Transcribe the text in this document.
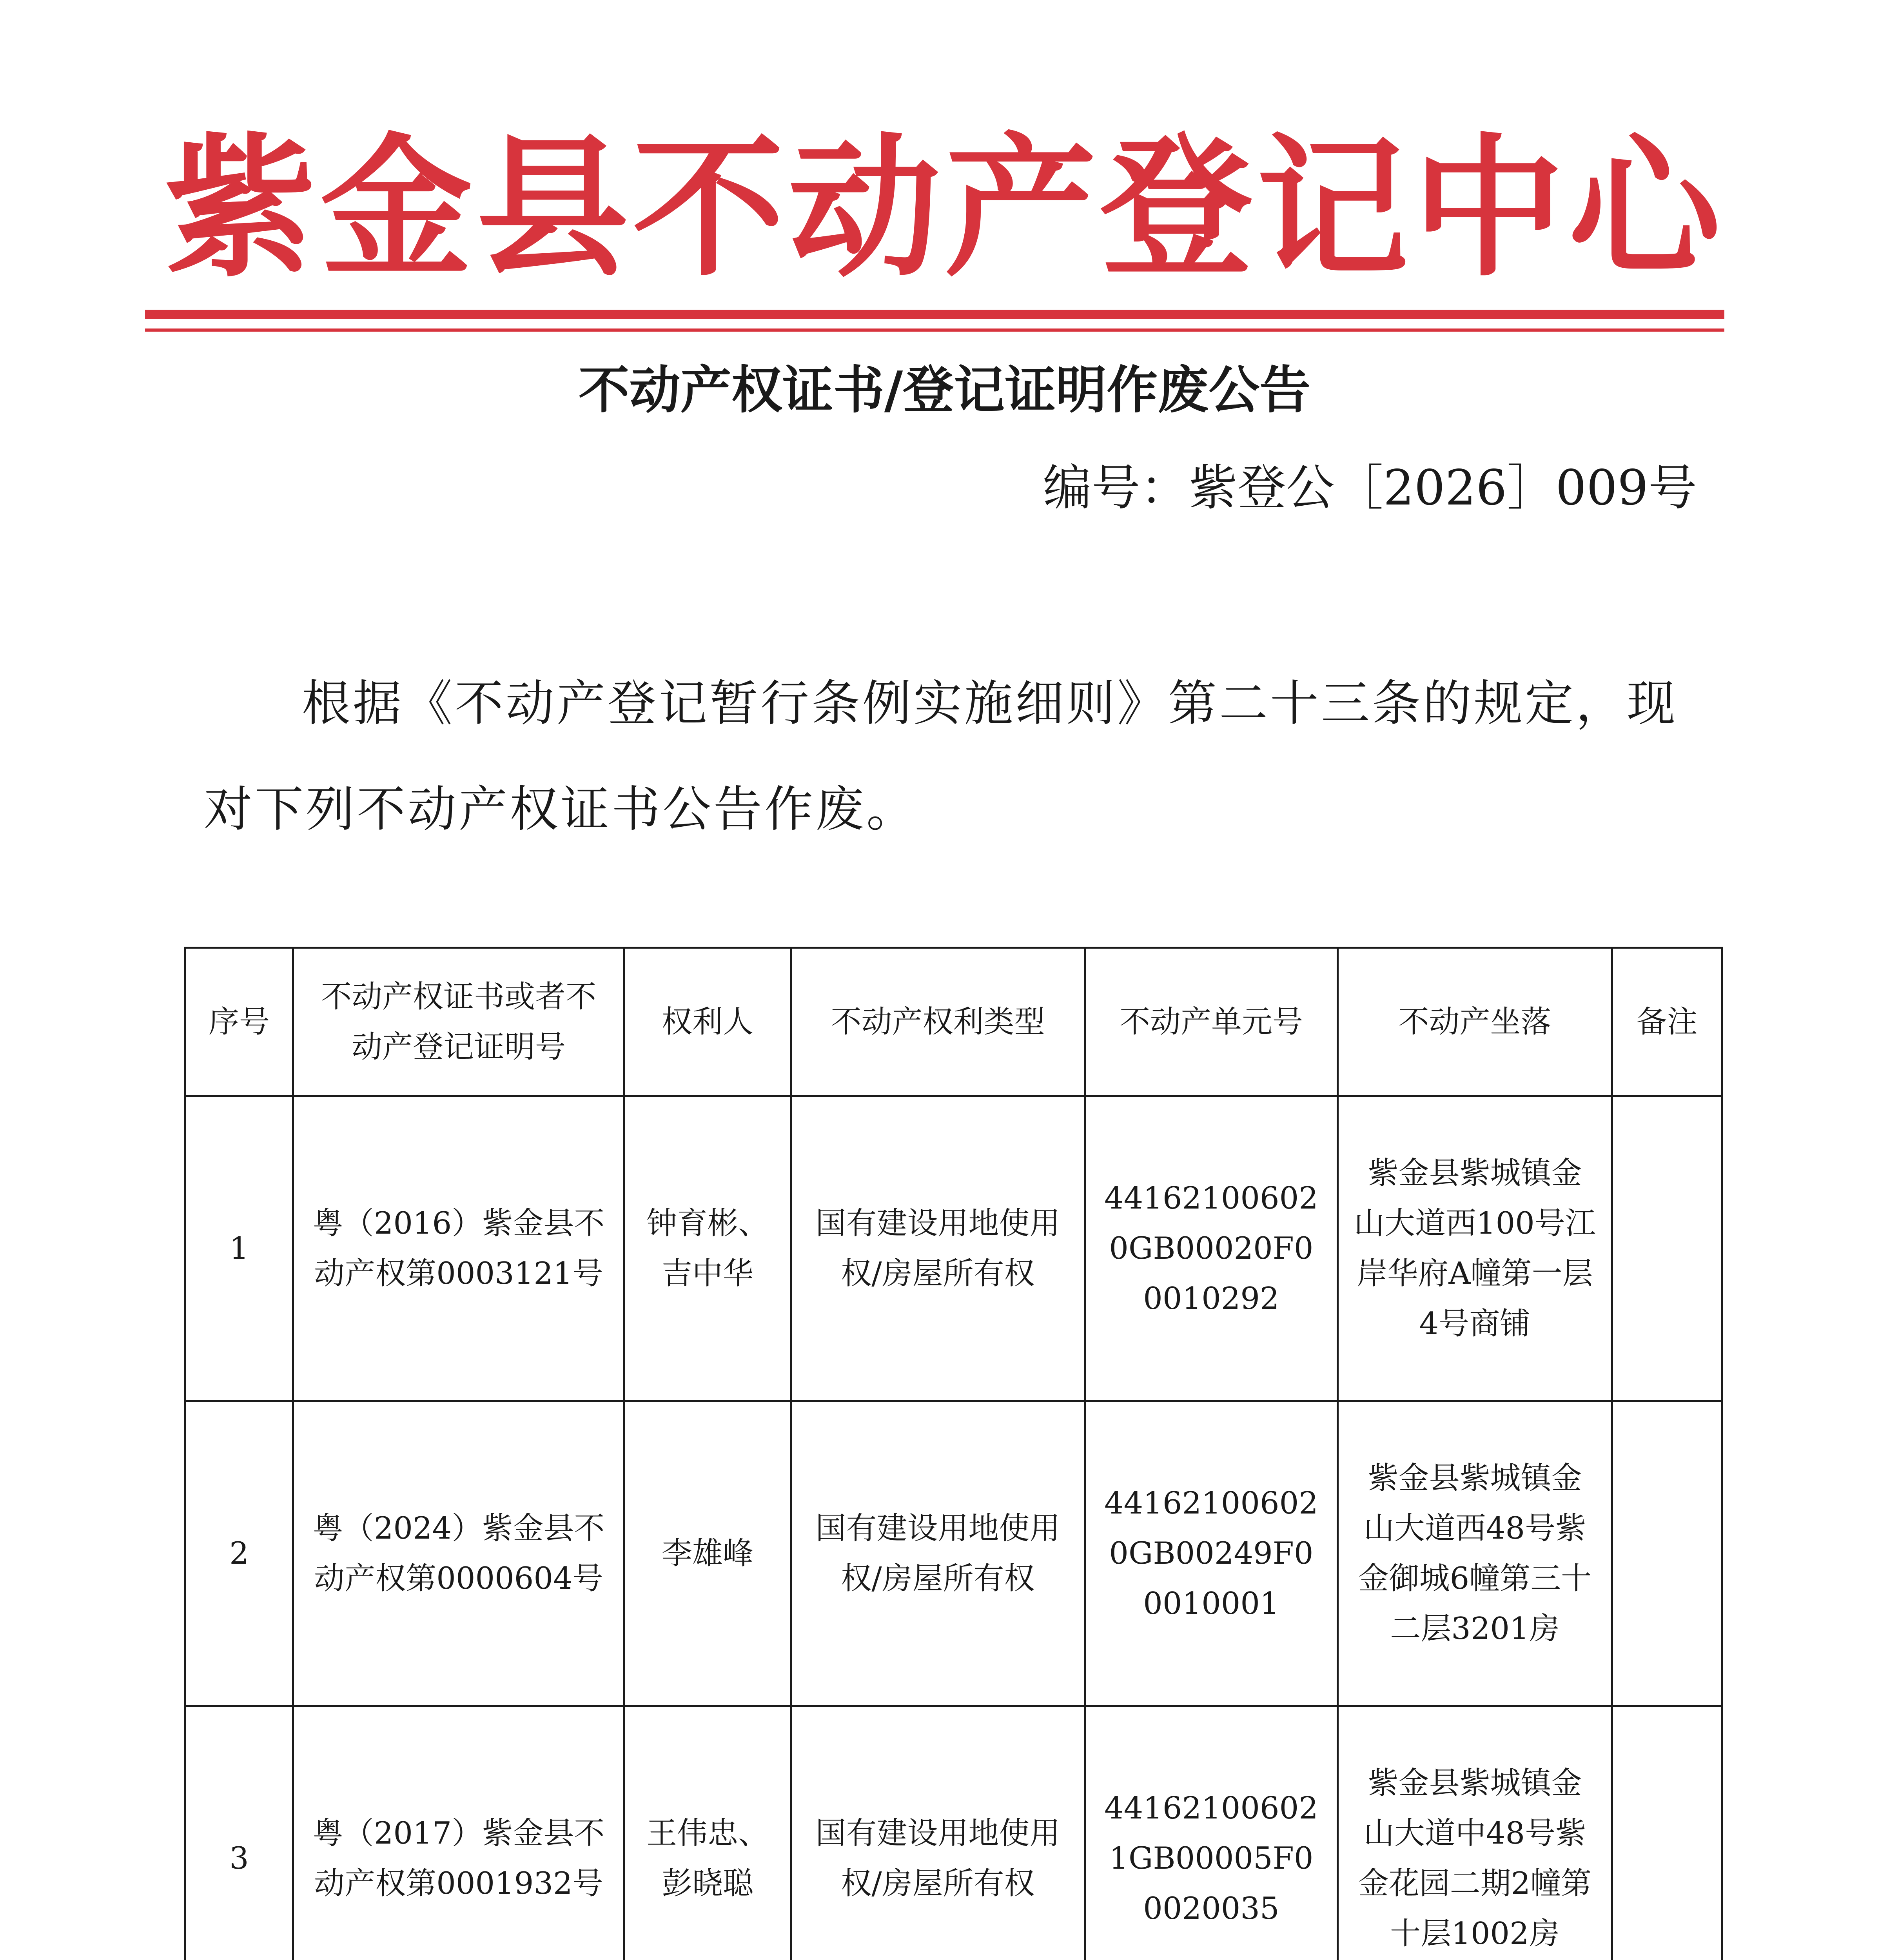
紫金县不动产登记中心
不动产权证书/登记证明作废公告
编号：紫登公［2026］009号
根据《不动产登记暂行条例实施细则》第二十三条的规定，现对下列不动产权证书公告作废。
序号	不动产权证书或者不动产登记证明号	权利人	不动产权利类型	不动产单元号	不动产坐落	备注
1	粤（2016）紫金县不动产权第0003121号	钟育彬、吉中华	国有建设用地使用权/房屋所有权	441621006020GB00020F00010292	紫金县紫城镇金山大道西100号江岸华府A幢第一层4号商铺	
2	粤（2024）紫金县不动产权第0000604号	李雄峰	国有建设用地使用权/房屋所有权	441621006020GB00249F00010001	紫金县紫城镇金山大道西48号紫金御城6幢第三十二层3201房	
3	粤（2017）紫金县不动产权第0001932号	王伟忠、彭晓聪	国有建设用地使用权/房屋所有权	441621006021GB00005F00020035	紫金县紫城镇金山大道中48号紫金花园二期2幢第十层1002房	
